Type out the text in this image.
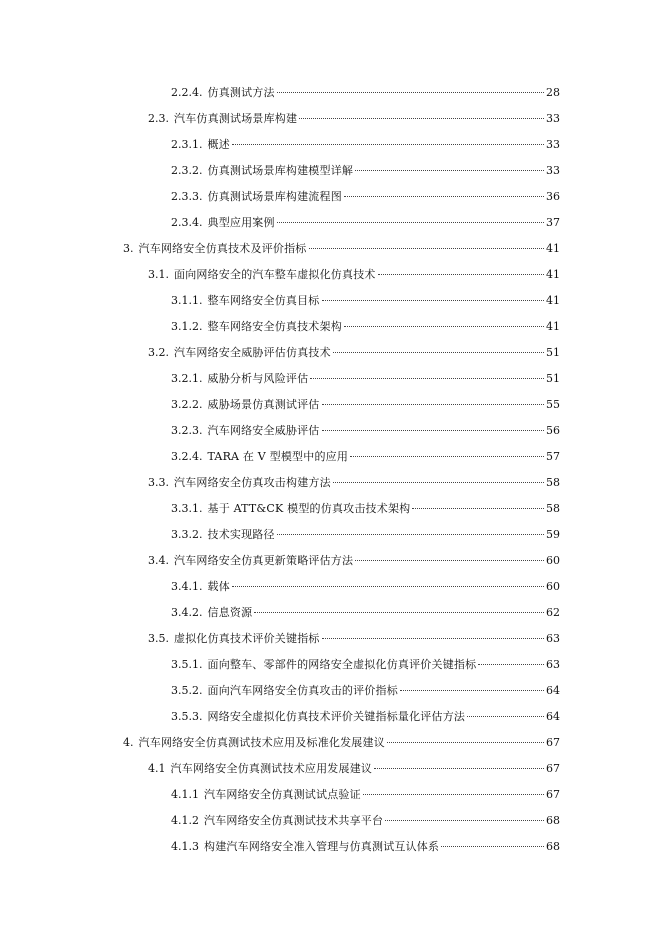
2.2.4. 仿真测试方法	28
2.3. 汽车仿真测试场景库构建	33
2.3.1. 概述	33
2.3.2. 仿真测试场景库构建模型详解	33
2.3.3. 仿真测试场景库构建流程图	36
2.3.4. 典型应用案例	37
3. 汽车网络安全仿真技术及评价指标	41
3.1. 面向网络安全的汽车整车虚拟化仿真技术	41
3.1.1. 整车网络安全仿真目标	41
3.1.2. 整车网络安全仿真技术架构	41
3.2. 汽车网络安全威胁评估仿真技术	51
3.2.1. 威胁分析与风险评估	51
3.2.2. 威胁场景仿真测试评估	55
3.2.3. 汽车网络安全威胁评估	56
3.2.4. TARA 在 V 型模型中的应用	57
3.3. 汽车网络安全仿真攻击构建方法	58
3.3.1. 基于 ATT&CK 模型的仿真攻击技术架构	58
3.3.2. 技术实现路径	59
3.4. 汽车网络安全仿真更新策略评估方法	60
3.4.1. 载体	60
3.4.2. 信息资源	62
3.5. 虚拟化仿真技术评价关键指标	63
3.5.1. 面向整车、零部件的网络安全虚拟化仿真评价关键指标	63
3.5.2. 面向汽车网络安全仿真攻击的评价指标	64
3.5.3. 网络安全虚拟化仿真技术评价关键指标量化评估方法	64
4. 汽车网络安全仿真测试技术应用及标准化发展建议	67
4.1 汽车网络安全仿真测试技术应用发展建议	67
4.1.1 汽车网络安全仿真测试试点验证	67
4.1.2 汽车网络安全仿真测试技术共享平台	68
4.1.3 构建汽车网络安全准入管理与仿真测试互认体系	68
